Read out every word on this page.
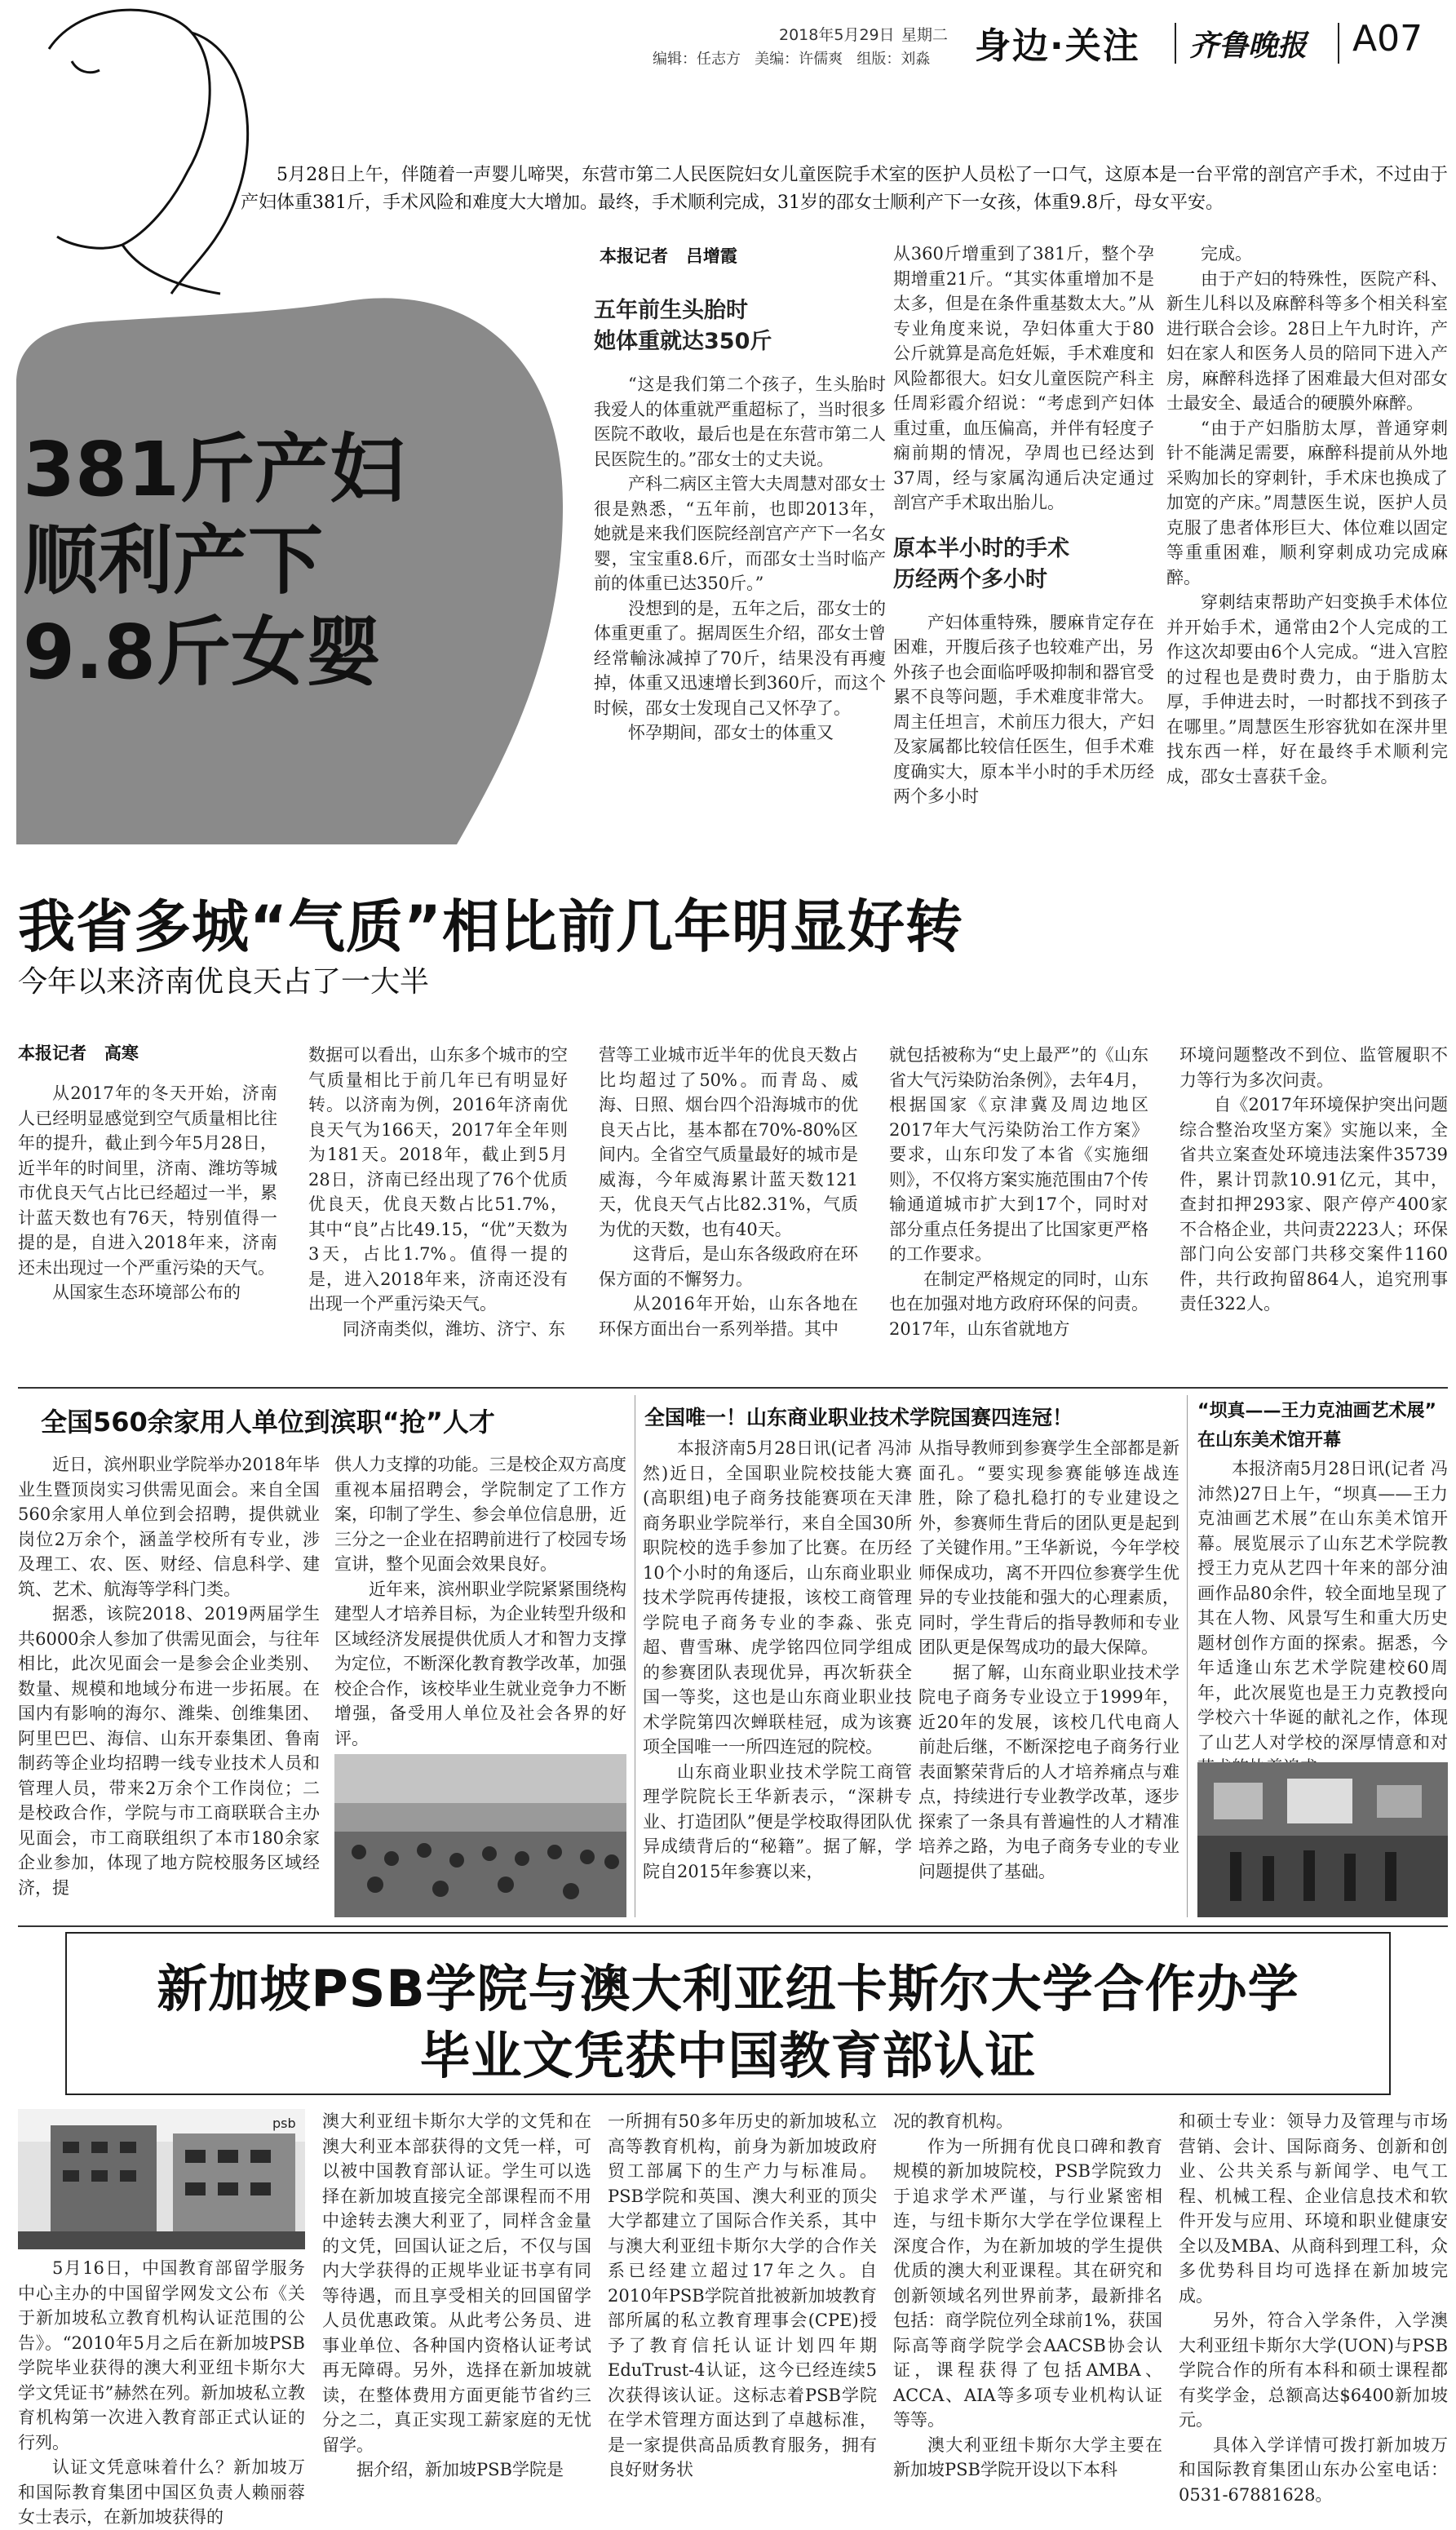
2018年5月29日 星期二
编辑：任志方   美编：许儒爽   组版：刘淼 身边·关注 齐鲁晚报 A07
5月28日上午，伴随着一声婴儿啼哭，东营市第二人民医院妇女儿童医院手术室的医护人员松了一口气，这原本是一台平常的剖宫产手术，不过由于产妇体重381斤，手术风险和难度大大增加。最终，手术顺利完成，31岁的邵女士顺利产下一女孩，体重9.8斤，母女平安。
381斤产妇
顺利产下
9.8斤女婴
本报记者   吕增霞
五年前生头胎时
她体重就达350斤

“这是我们第二个孩子，生头胎时我爱人的体重就严重超标了，当时很多医院不敢收，最后也是在东营市第二人民医院生的。”邵女士的丈夫说。

产科二病区主管大夫周慧对邵女士很是熟悉，“五年前，也即2013年，她就是来我们医院经剖宫产产下一名女婴，宝宝重8.6斤，而邵女士当时临产前的体重已达350斤。”

没想到的是，五年之后，邵女士的体重更重了。据周医生介绍，邵女士曾经常輸泳减掉了70斤，结果没有再瘦掉，体重又迅速增长到360斤，而这个时候，邵女士发现自己又怀孕了。

怀孕期间，邵女士的体重又

从360斤增重到了381斤，整个孕期增重21斤。“其实体重增加不是太多，但是在条件重基数太大。”从专业角度来说，孕妇体重大于80公斤就算是高危妊娠，手术难度和风险都很大。妇女儿童医院产科主任周彩霞介绍说：“考虑到产妇体重过重，血压偏高，并伴有轻度子痫前期的情况，孕周也已经达到37周，经与家属沟通后决定通过剖宫产手术取出胎儿。

原本半小时的手术
历经两个多小时

产妇体重特殊，腰麻肯定存在困难，开腹后孩子也较难产出，另外孩子也会面临呼吸抑制和器官受累不良等问题，手术难度非常大。周主任坦言，术前压力很大，产妇及家属都比较信任医生，但手术难度确实大，原本半小时的手术历经两个多小时

完成。

由于产妇的特殊性，医院产科、新生儿科以及麻醉科等多个相关科室进行联合会诊。28日上午九时许，产妇在家人和医务人员的陪同下进入产房，麻醉科选择了困难最大但对邵女士最安全、最适合的硬膜外麻醉。

“由于产妇脂肪太厚，普通穿刺针不能满足需要，麻醉科提前从外地采购加长的穿刺针，手术床也换成了加宽的产床。”周慧医生说，医护人员克服了患者体形巨大、体位难以固定等重重困难，顺利穿刺成功完成麻醉。

穿刺结束帮助产妇变换手术体位并开始手术，通常由2个人完成的工作这次却要由6个人完成。“进入宫腔的过程也是费时费力，由于脂肪太厚，手伸进去时，一时都找不到孩子在哪里。”周慧医生形容犹如在深井里找东西一样，好在最终手术顺利完成，邵女士喜获千金。

我省多城“气质”相比前几年明显好转
今年以来济南优良天占了一大半
本报记者   高寒

从2017年的冬天开始，济南人已经明显感觉到空气质量相比往年的提升，截止到今年5月28日，近半年的时间里，济南、潍坊等城市优良天气占比已经超过一半，累计蓝天数也有76天，特别值得一提的是，自进入2018年来，济南还未出现过一个严重污染的天气。

从国家生态环境部公布的

数据可以看出，山东多个城市的空气质量相比于前几年已有明显好转。以济南为例，2016年济南优良天气为166天，2017年全年则为181天。2018年，截止到5月28日，济南已经出现了76个优质优良天，优良天数占比51.7%，其中“良”占比49.15，“优”天数为3天，占比1.7%。值得一提的是，进入2018年来，济南还没有出现一个严重污染天气。

同济南类似，潍坊、济宁、东

营等工业城市近半年的优良天数占比均超过了50%。而青岛、威海、日照、烟台四个沿海城市的优良天占比，基本都在70%-80%区间内。全省空气质量最好的城市是威海，今年威海累计蓝天数121天，优良天气占比82.31%，气质为优的天数，也有40天。

这背后，是山东各级政府在环保方面的不懈努力。

从2016年开始，山东各地在环保方面出台一系列举措。其中

就包括被称为“史上最严”的《山东省大气污染防治条例》，去年4月，根据国家《京津冀及周边地区2017年大气污染防治工作方案》要求，山东印发了本省《实施细则》，不仅将方案实施范围由7个传输通道城市扩大到17个，同时对部分重点任务提出了比国家更严格的工作要求。

在制定严格规定的同时，山东也在加强对地方政府环保的问责。2017年，山东省就地方

环境问题整改不到位、监管履职不力等行为多次问责。

自《2017年环境保护突出问题综合整治攻坚方案》实施以来，全省共立案查处环境违法案件35739件，累计罚款10.91亿元，其中，查封扣押293家、限产停产400家不合格企业，共问责2223人；环保部门向公安部门共移交案件1160件，共行政拘留864人，追究刑事责任322人。

全国560余家用人单位到滨职“抢”人才

近日，滨州职业学院举办2018年毕业生暨顶岗实习供需见面会。来自全国560余家用人单位到会招聘，提供就业岗位2万余个，涵盖学校所有专业，涉及理工、农、医、财经、信息科学、建筑、艺术、航海等学科门类。

据悉，该院2018、2019两届学生共6000余人参加了供需见面会，与往年相比，此次见面会一是参会企业类别、数量、规模和地域分布进一步拓展。在国内有影响的海尔、潍柴、创维集团、阿里巴巴、海信、山东开泰集团、鲁南制药等企业均招聘一线专业技术人员和管理人员，带来2万余个工作岗位；二是校政合作，学院与市工商联联合主办见面会，市工商联组织了本市180余家企业参加，体现了地方院校服务区域经济，提

供人力支撑的功能。三是校企双方高度重视本届招聘会，学院制定了工作方案，印制了学生、参会单位信息册，近三分之一企业在招聘前进行了校园专场宣讲，整个见面会效果良好。

近年来，滨州职业学院紧紧围绕构建型人才培养目标，为企业转型升级和区域经济发展提供优质人才和智力支撑为定位，不断深化教育教学改革，加强校企合作，该校毕业生就业竞争力不断增强，备受用人单位及社会各界的好评。

全国唯一！山东商业职业技术学院国赛四连冠！

本报济南5月28日讯(记者 冯沛然)近日，全国职业院校技能大赛(高职组)电子商务技能赛项在天津商务职业学院举行，来自全国30所职院校的选手参加了比赛。在历经10个小时的角逐后，山东商业职业技术学院再传捷报，该校工商管理学院电子商务专业的李淼、张克超、曹雪琳、虎学铭四位同学组成的参赛团队表现优异，再次斩获全国一等奖，这也是山东商业职业技术学院第四次蝉联桂冠，成为该赛项全国唯一一所四连冠的院校。

山东商业职业技术学院工商管理学院院长王华新表示，“深耕专业、打造团队”便是学校取得团队优异成绩背后的“秘籍”。据了解，学院自2015年参赛以来，

从指导教师到参赛学生全部都是新面孔。“要实现参赛能够连战连胜，除了稳扎稳打的专业建设之外，参赛师生背后的团队更是起到了关键作用。”王华新说，今年学校师保成功，离不开四位参赛学生优异的专业技能和强大的心理素质，同时，学生背后的指导教师和专业团队更是保驾成功的最大保障。

据了解，山东商业职业技术学院电子商务专业设立于1999年，近20年的发展，该校几代电商人前赴后继，不断深挖电子商务行业表面繁荣背后的人才培养痛点与难点，持续进行专业教学改革，逐步探索了一条具有普遍性的人才精准培养之路，为电子商务专业的专业问题提供了基础。

“坝真——王力克油画艺术展”
在山东美术馆开幕

本报济南5月28日讯(记者 冯沛然)27日上午，“坝真——王力克油画艺术展”在山东美术馆开幕。展览展示了山东艺术学院教授王力克从艺四十年来的部分油画作品80余件，较全面地呈现了其在人物、风景写生和重大历史题材创作方面的探索。据悉，今年适逢山东艺术学院建校60周年，此次展览也是王力克教授向学校六十华诞的献礼之作，体现了山艺人对学校的深厚情意和对

新加坡PSB学院与澳大利亚纽卡斯尔大学合作办学
毕业文凭获中国教育部认证
psb

5月16日，中国教育部留学服务中心主办的中国留学网发文公布《关于新加坡私立教育机构认证范围的公告》。“2010年5月之后在新加坡PSB学院毕业获得的澳大利亚纽卡斯尔大学文凭证书”赫然在列。新加坡私立教育机构第一次进入教育部正式认证的行列。

认证文凭意味着什么？新加坡万和国际教育集团中国区负责人赖丽蓉女士表示，在新加坡获得的

澳大利亚纽卡斯尔大学的文凭和在澳大利亚本部获得的文凭一样，可以被中国教育部认证。学生可以选择在新加坡直接完全部课程而不用中途转去澳大利亚了，同样含金量的文凭，回国认证之后，不仅与国内大学获得的正规毕业证书享有同等待遇，而且享受相关的回国留学人员优惠政策。从此考公务员、进事业单位、各种国内资格认证考试再无障碍。另外，选择在新加坡就读，在整体费用方面更能节省约三分之二，真正实现工薪家庭的无忧留学。

据介绍，新加坡PSB学院是

一所拥有50多年历史的新加坡私立高等教育机构，前身为新加坡政府贸工部属下的生产力与标准局。PSB学院和英国、澳大利亚的顶尖大学都建立了国际合作关系，其中与澳大利亚纽卡斯尔大学的合作关系已经建立超过17年之久。自2010年PSB学院首批被新加坡教育部所属的私立教育理事会(CPE)授予了教育信托认证计划四年期EduTrust-4认证，这今已经连续5次获得该认证。这标志着PSB学院在学术管理方面达到了卓越标准，是一家提供高品质教育服务，拥有良好财务状

况的教育机构。

作为一所拥有优良口碑和教育规模的新加坡院校，PSB学院致力于追求学术严谨，与行业紧密相连，与纽卡斯尔大学在学位课程上深度合作，为在新加坡的学生提供优质的澳大利亚课程。其在研究和创新领域名列世界前茅，最新排名包括：商学院位列全球前1%，获国际高等商学院学会AACSB协会认证，课程获得了包括AMBA、ACCA、AIA等多项专业机构认证等等。

澳大利亚纽卡斯尔大学主要在新加坡PSB学院开设以下本科

和硕士专业：领导力及管理与市场营销、会计、国际商务、创新和创业、公共关系与新闻学、电气工程、机械工程、企业信息技术和软件开发与应用、环境和职业健康安全以及MBA、从商科到理工科，众多优势科目均可选择在新加坡完成。

另外，符合入学条件，入学澳大利亚纽卡斯尔大学(UON)与PSB学院合作的所有本科和硕士课程都有奖学金，总额高达$6400新加坡元。

具体入学详情可拨打新加坡万和国际教育集团山东办公室电话：0531-67881628。
